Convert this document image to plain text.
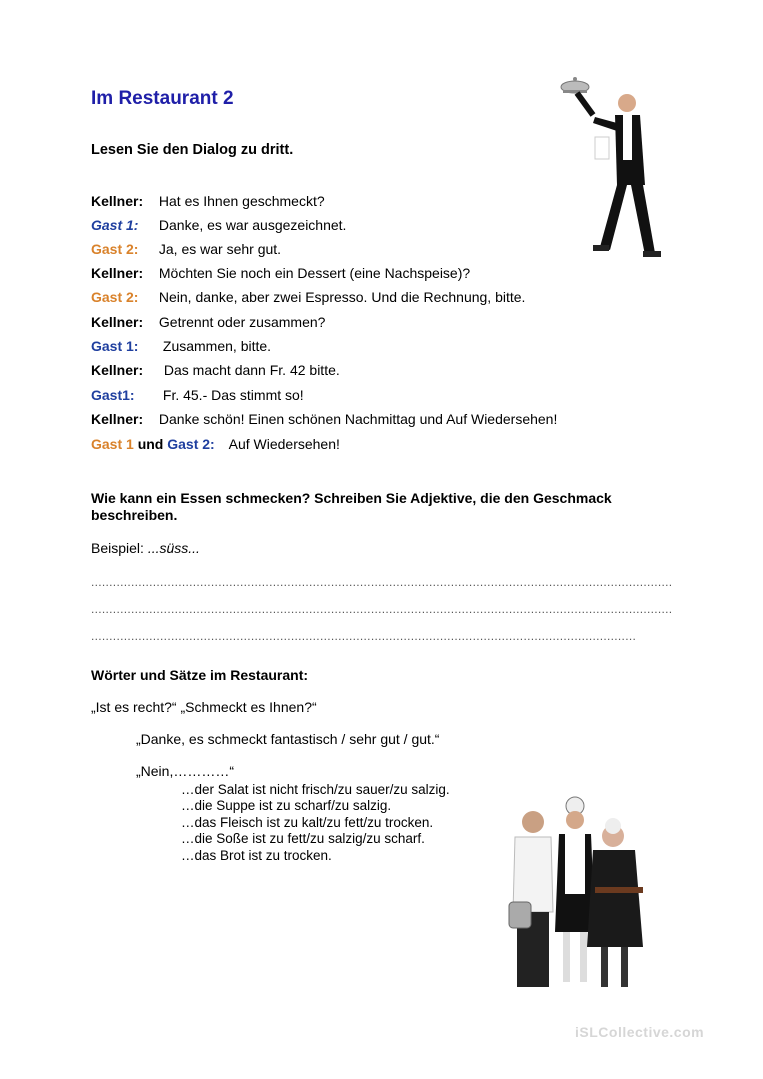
Im Restaurant 2
Lesen Sie den Dialog zu dritt.
Kellner: Hat es Ihnen geschmeckt?
Gast 1: Danke, es war ausgezeichnet.
Gast 2: Ja, es war sehr gut.
Kellner: Möchten Sie noch ein Dessert (eine Nachspeise)?
Gast 2: Nein, danke, aber zwei Espresso. Und die Rechnung, bitte.
Kellner: Getrennt oder zusammen?
Gast 1: Zusammen, bitte.
Kellner: Das macht dann Fr. 42 bitte.
Gast1: Fr. 45.- Das stimmt so!
Kellner: Danke schön! Einen schönen Nachmittag und Auf Wiedersehen!
Gast 1 und Gast 2: Auf Wiedersehen!
Wie kann ein Essen schmecken? Schreiben Sie Adjektive, die den Geschmack beschreiben.
Beispiel: ...süss...
................................................................................................................................................................
................................................................................................................................................................
......................................................................................................................................................
Wörter und Sätze im Restaurant:
„Ist es recht?“ „Schmeckt es Ihnen?“
„Danke, es schmeckt fantastisch / sehr gut / gut.“
„Nein,…………“
…der Salat ist nicht frisch/zu sauer/zu salzig.
…die Suppe ist zu scharf/zu salzig.
…das Fleisch ist zu kalt/zu fett/zu trocken.
…die Soße ist zu fett/zu salzig/zu scharf.
…das Brot ist zu trocken.
iSLCollective.com
